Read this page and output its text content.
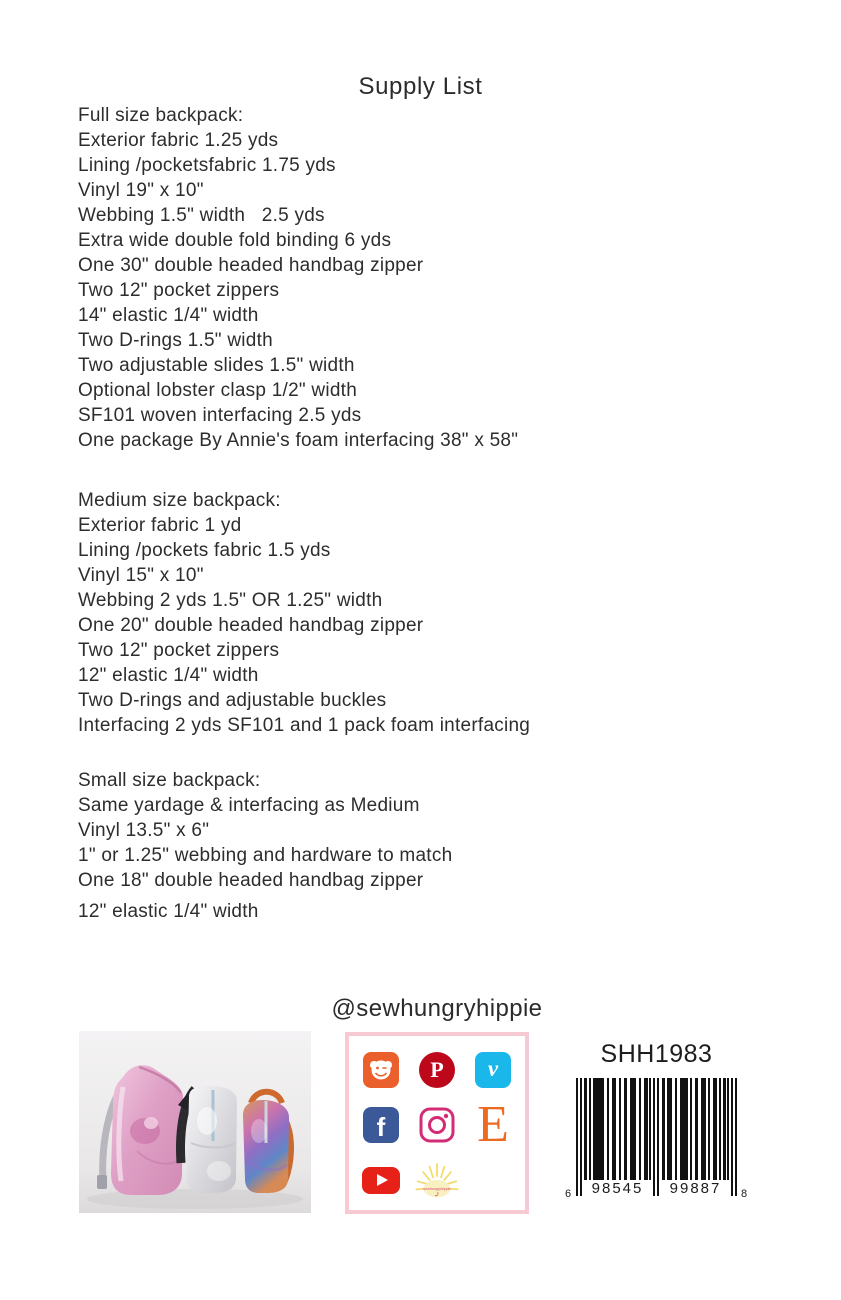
Supply List
Full size backpack:
Exterior fabric 1.25 yds
Lining /pocketsfabric 1.75 yds
Vinyl 19" x 10"
Webbing 1.5" width   2.5 yds
Extra wide double fold binding 6 yds
One 30" double headed handbag zipper
Two 12" pocket zippers
14" elastic 1/4" width
Two D-rings 1.5" width
Two adjustable slides 1.5" width
Optional lobster clasp 1/2" width
SF101 woven interfacing 2.5 yds
One package By Annie's foam interfacing 38" x 58"
Medium size backpack:
Exterior fabric 1 yd
Lining /pockets fabric 1.5 yds
Vinyl 15" x 10"
Webbing 2 yds 1.5" OR 1.25" width
One 20" double headed handbag zipper
Two 12" pocket zippers
12" elastic 1/4" width
Two D-rings and adjustable buckles
Interfacing 2 yds SF101 and 1 pack foam interfacing
Small size backpack:
Same yardage & interfacing as Medium
Vinyl 13.5" x 6"
1" or 1.25" webbing and hardware to match
One 18" double headed handbag zipper
12" elastic 1/4" width
@sewhungryhippie
P v
f E
sewhungryhippie
SHH1983
6	98545	99887	8
